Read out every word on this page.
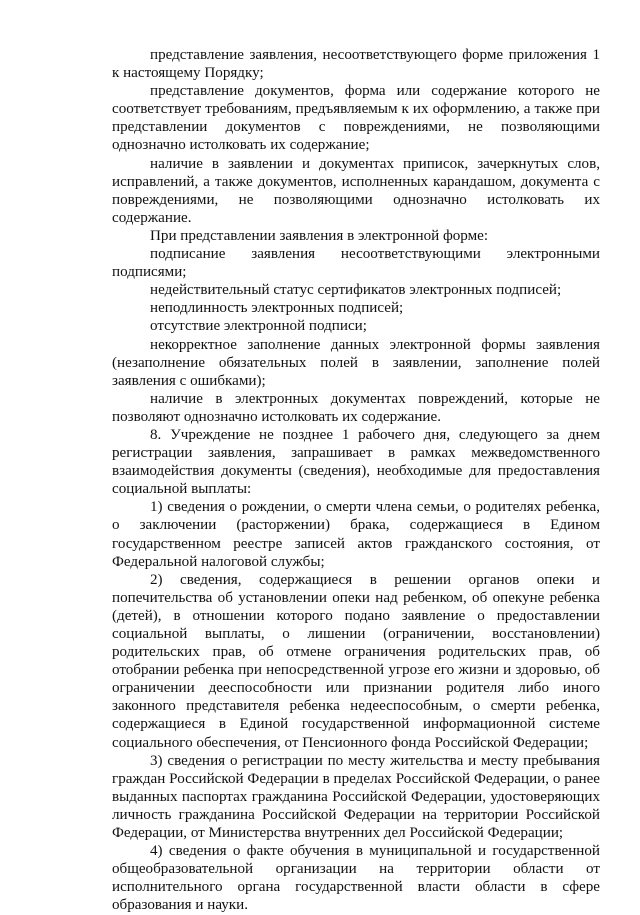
представление заявления, несоответствующего форме приложения 1 к настоящему Порядку;

представление документов, форма или содержание которого не соответствует требованиям, предъявляемым к их оформлению, а также при представлении документов с повреждениями, не позволяющими однозначно истолковать их содержание;

наличие в заявлении и документах приписок, зачеркнутых слов, исправлений, а также документов, исполненных карандашом, документа с повреждениями, не позволяющими однозначно истолковать их содержание.

При представлении заявления в электронной форме:

подписание заявления несоответствующими электронными подписями;

недействительный статус сертификатов электронных подписей;

неподлинность электронных подписей;

отсутствие электронной подписи;

некорректное заполнение данных электронной формы заявления (незаполнение обязательных полей в заявлении, заполнение полей заявления с ошибками);

наличие в электронных документах повреждений, которые не позволяют однозначно истолковать их содержание.

8. Учреждение не позднее 1 рабочего дня, следующего за днем регистрации заявления, запрашивает в рамках межведомственного взаимодействия документы (сведения), необходимые для предоставления социальной выплаты:

1) сведения о рождении, о смерти члена семьи, о родителях ребенка, о заключении (расторжении) брака, содержащиеся в Едином государственном реестре записей актов гражданского состояния, от Федеральной налоговой службы;

2) сведения, содержащиеся в решении органов опеки и попечительства об установлении опеки над ребенком, об опекуне ребенка (детей), в отношении которого подано заявление о предоставлении социальной выплаты, о лишении (ограничении, восстановлении) родительских прав, об отмене ограничения родительских прав, об отобрании ребенка при непосредственной угрозе его жизни и здоровью, об ограничении дееспособности или признании родителя либо иного законного представителя ребенка недееспособным, о смерти ребенка, содержащиеся в Единой государственной информационной системе социального обеспечения, от Пенсионного фонда Российской Федерации;

3) сведения о регистрации по месту жительства и месту пребывания граждан Российской Федерации в пределах Российской Федерации, о ранее выданных паспортах гражданина Российской Федерации, удостоверяющих личность гражданина Российской Федерации на территории Российской Федерации, от Министерства внутренних дел Российской Федерации;

4) сведения о факте обучения в муниципальной и государственной общеобразовательной организации на территории области от исполнительного органа государственной власти области в сфере образования и науки.
